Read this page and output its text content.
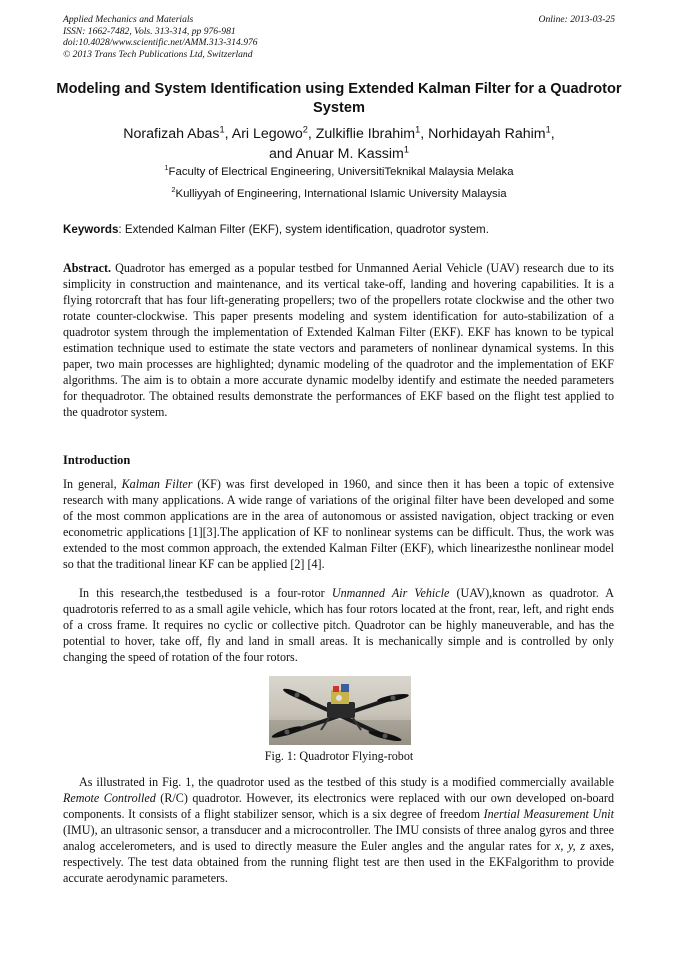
Applied Mechanics and Materials
ISSN: 1662-7482, Vols. 313-314, pp 976-981
doi:10.4028/www.scientific.net/AMM.313-314.976
© 2013 Trans Tech Publications Ltd, Switzerland
Online: 2013-03-25
Modeling and System Identification using Extended Kalman Filter for a Quadrotor System
Norafizah Abas$^1$, Ari Legowo$^2$, Zulkiflie Ibrahim$^1$, Norhidayah Rahim$^1$,
and Anuar M. Kassim$^1$
$^1$Faculty of Electrical Engineering, UniversitiTeknikal Malaysia Melaka
$^2$Kulliyyah of Engineering, International Islamic University Malaysia
Keywords: Extended Kalman Filter (EKF), system identification, quadrotor system.

Abstract. Quadrotor has emerged as a popular testbed for Unmanned Aerial Vehicle (UAV) research due to its simplicity in construction and maintenance, and its vertical take-off, landing and hovering capabilities. It is a flying rotorcraft that has four lift-generating propellers; two of the propellers rotate clockwise and the other two rotate counter-clockwise. This paper presents modeling and system identification for auto-stabilization of a quadrotor system through the implementation of Extended Kalman Filter (EKF). EKF has known to be typical estimation technique used to estimate the state vectors and parameters of nonlinear dynamical systems. In this paper, two main processes are highlighted; dynamic modeling of the quadrotor and the implementation of EKF algorithms. The aim is to obtain a more accurate dynamic modelby identify and estimate the needed parameters for thequadrotor. The obtained results demonstrate the performances of EKF based on the flight test applied to the quadrotor system.

Introduction

In general, Kalman Filter (KF) was first developed in 1960, and since then it has been a topic of extensive research with many applications. A wide range of variations of the original filter have been developed and some of the most common applications are in the area of autonomous or assisted navigation, object tracking or even econometric applications [1][3].The application of KF to nonlinear systems can be difficult. Thus, the work was extended to the most common approach, the extended Kalman Filter (EKF), which linearizesthe nonlinear model so that the traditional linear KF can be applied [2] [4].

In this research,the testbedused is a four-rotor Unmanned Air Vehicle (UAV),known as quadrotor. A quadrotoris referred to as a small agile vehicle, which has four rotors located at the front, rear, left, and right ends of a cross frame. It requires no cyclic or collective pitch. Quadrotor can be highly maneuverable, and has the potential to hover, take off, fly and land in small areas. It is mechanically simple and is controlled by only changing the speed of rotation of the four rotors.

Fig. 1: Quadrotor Flying-robot

As illustrated in Fig. 1, the quadrotor used as the testbed of this study is a modified commercially available Remote Controlled (R/C) quadrotor. However, its electronics were replaced with our own developed on-board components. It consists of a flight stabilizer sensor, which is a six degree of freedom Inertial Measurement Unit (IMU), an ultrasonic sensor, a transducer and a microcontroller. The IMU consists of three analog gyros and three analog accelerometers, and is used to directly measure the Euler angles and the angular rates for x, y, z axes, respectively. The test data obtained from the running flight test are then used in the EKFalgorithm to provide accurate aerodynamic parameters.
